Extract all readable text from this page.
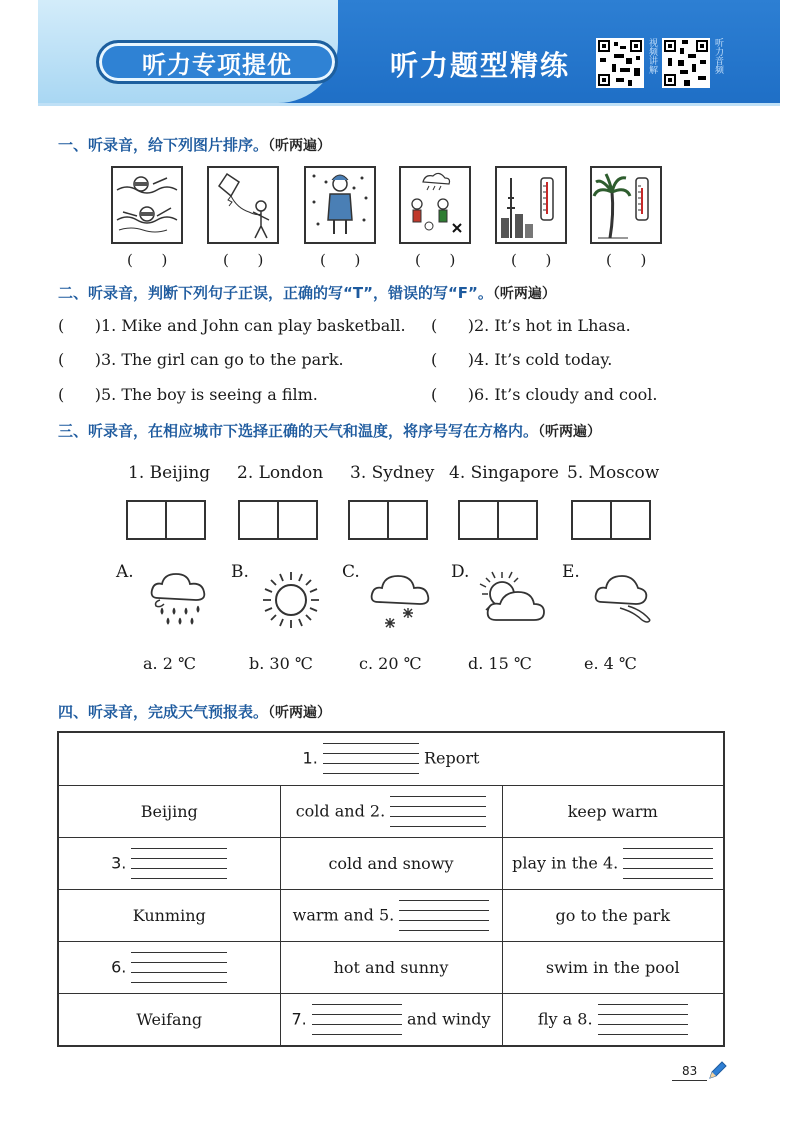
听力专项提优	听力题型精练	视频讲解	听力音频
一、听录音，给下列图片排序。（听两遍）
(      )	(      )	(      )	(      )	(      )	(      )
二、听录音，判断下列句子正误，正确的写“T”，错误的写“F”。（听两遍）
(      )1. Mike and John can play basketball. (      )2. It’s hot in Lhasa.
(      )3. The girl can go to the park.	(      )4. It’s cold today.
(      )5. The boy is seeing a film.	(      )6. It’s cloudy and cool.
三、听录音，在相应城市下选择正确的天气和温度，将序号写在方格内。（听两遍）
1. Beijing 2. London 3. Sydney 4. Singapore 5. Moscow
A.	B.	C.	D.	E.
a. 2 ℃	b. 30 ℃	c. 20 ℃	d. 15 ℃	e. 4 ℃
四、听录音，完成天气预报表。（听两遍）
1. Report		
Beijing	cold and 2.	keep warm
3.	cold and snowy	play in the 4.
Kunming	warm and 5.	go to the park
6.	hot and sunny	swim in the pool
Weifang	7. and windy	fly a 8.
83
